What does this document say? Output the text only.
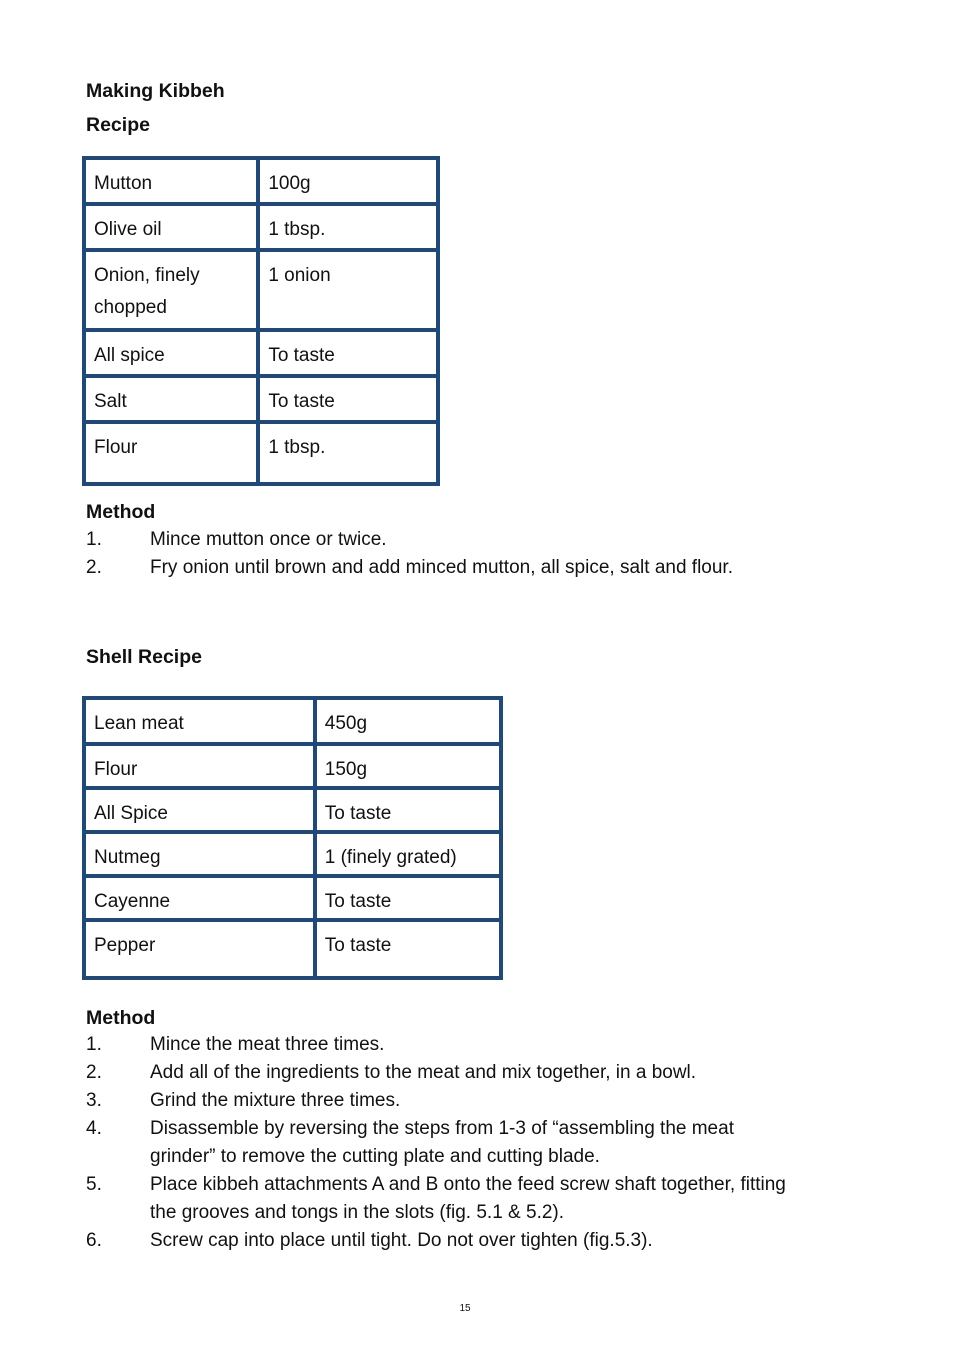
Making Kibbeh
Recipe
Mutton	100g
Olive oil	1 tbsp.
Onion, finely chopped	1 onion
All spice	To taste
Salt	To taste
Flour	1 tbsp.
Method
1.	Mince mutton once or twice.
2.	Fry onion until brown and add minced mutton, all spice, salt and flour.
Shell Recipe
Lean meat	450g
Flour	150g
All Spice	To taste
Nutmeg	1 (finely grated)
Cayenne	To taste
Pepper	To taste
Method
1.	Mince the meat three times.
2.	Add all of the ingredients to the meat and mix together, in a bowl.
3.	Grind the mixture three times.
4.	Disassemble by reversing the steps from 1-3 of “assembling the meat grinder” to remove the cutting plate and cutting blade.
5.	Place kibbeh attachments A and B onto the feed screw shaft together, fitting the grooves and tongs in the slots (fig. 5.1 & 5.2).
6.	Screw cap into place until tight. Do not over tighten (fig.5.3).
15
